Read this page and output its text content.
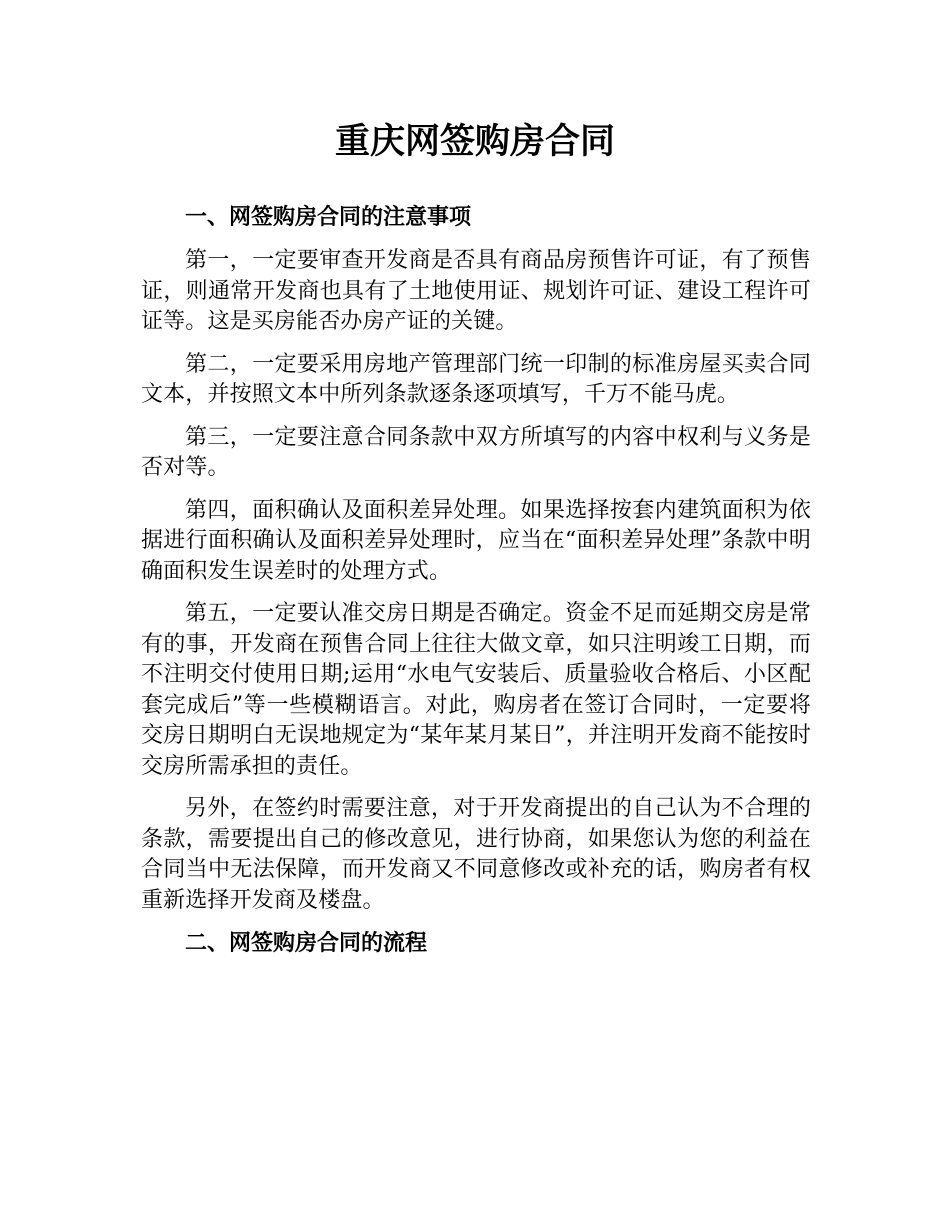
重庆网签购房合同
一、网签购房合同的注意事项

第一，一定要审查开发商是否具有商品房预售许可证，有了预售证，则通常开发商也具有了土地使用证、规划许可证、建设工程许可证等。这是买房能否办房产证的关键。

第二，一定要采用房地产管理部门统一印制的标准房屋买卖合同文本，并按照文本中所列条款逐条逐项填写，千万不能马虎。

第三，一定要注意合同条款中双方所填写的内容中权利与义务是否对等。

第四，面积确认及面积差异处理。如果选择按套内建筑面积为依据进行面积确认及面积差异处理时，应当在“面积差异处理”条款中明确面积发生误差时的处理方式。

第五，一定要认准交房日期是否确定。资金不足而延期交房是常有的事，开发商在预售合同上往往大做文章，如只注明竣工日期，而不注明交付使用日期;运用“水电气安装后、质量验收合格后、小区配套完成后”等一些模糊语言。对此，购房者在签订合同时，一定要将交房日期明白无误地规定为“某年某月某日”，并注明开发商不能按时交房所需承担的责任。

另外，在签约时需要注意，对于开发商提出的自己认为不合理的条款，需要提出自己的修改意见，进行协商，如果您认为您的利益在合同当中无法保障，而开发商又不同意修改或补充的话，购房者有权重新选择开发商及楼盘。

二、网签购房合同的流程
